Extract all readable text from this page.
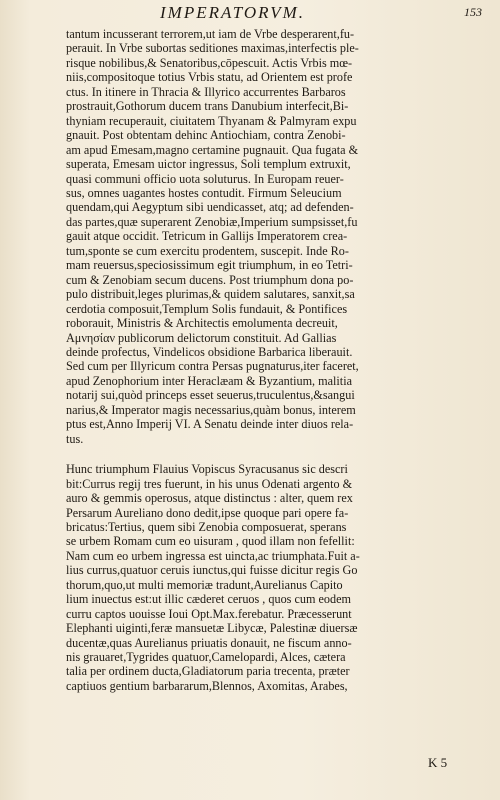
IMPERATORVM.	153
tantum incusserant terrorem,ut iam de Vrbe desperarent,fu-
perauit. In Vrbe subortas seditiones maximas,interfectis ple-
risque nobilibus,& Senatoribus,cōpescuit. Actis Vrbis mœ-
niis,compositoque totius Vrbis statu, ad Orientem est profe
ctus. In itinere in Thracia & Illyrico accurrentes Barbaros
prostrauit,Gothorum ducem trans Danubium interfecit,Bi-
thyniam recuperauit, ciuitatem Thyanam & Palmyram expu
gnauit. Post obtentam dehinc Antiochiam, contra Zenobi-
am apud Emesam,magno certamine pugnauit. Qua fugata &
superata, Emesam uictor ingressus, Soli templum extruxit,
quasi communi officio uota soluturus. In Europam reuer-
sus, omnes uagantes hostes contudit. Firmum Seleucium
quendam,qui Aegyptum sibi uendicasset, atq; ad defenden-
das partes,quæ superarent Zenobiæ,Imperium sumpsisset,fu
gauit atque occidit. Tetricum in Gallijs Imperatorem crea-
tum,sponte se cum exercitu prodentem, suscepit. Inde Ro-
mam reuersus,speciosissimum egit triumphum, in eo Tetri-
cum & Zenobiam secum ducens. Post triumphum dona po-
pulo distribuit,leges plurimas,& quidem salutares, sanxit,sa
cerdotia composuit,Templum Solis fundauit, & Pontifices
roborauit, Ministris & Architectis emolumenta decreuit,
Αμνησίαν publicorum delictorum constituit. Ad Gallias
deinde profectus, Vindelicos obsidione Barbarica liberauit.
Sed cum per Illyricum contra Persas pugnaturus,iter faceret,
apud Zenophorium inter Heraclæam & Byzantium, malitia
notarij sui,quòd princeps esset seuerus,truculentus,&sangui
narius,& Imperator magis necessarius,quàm bonus, interem
ptus est,Anno Imperij VI. A Senatu deinde inter diuos rela-
tus.
Hunc triumphum Flauius Vopiscus Syracusanus sic descri
bit:Currus regij tres fuerunt, in his unus Odenati argento &
auro & gemmis operosus, atque distinctus : alter, quem rex
Persarum Aureliano dono dedit,ipse quoque pari opere fa-
bricatus:Tertius, quem sibi Zenobia composuerat, sperans
se urbem Romam cum eo uisuram , quod illam non fefellit:
Nam cum eo urbem ingressa est uincta,ac triumphata.Fuit a-
lius currus,quatuor ceruis iunctus,qui fuisse dicitur regis Go
thorum,quo,ut multi memoriæ tradunt,Aurelianus Capito
lium inuectus est:ut illic cæderet ceruos , quos cum eodem
curru captos uouisse Ioui Opt.Max.ferebatur. Præcesserunt
Elephanti uiginti,feræ mansuetæ Libycæ, Palestinæ diuersæ
ducentæ,quas Aurelianus priuatis donauit, ne fiscum anno-
nis grauaret,Tygrides quatuor,Camelopardi, Alces, cætera
talia per ordinem ducta,Gladiatorum paria trecenta, præter
captiuos gentium barbararum,Blennos, Axomitas, Arabes,
K 5
